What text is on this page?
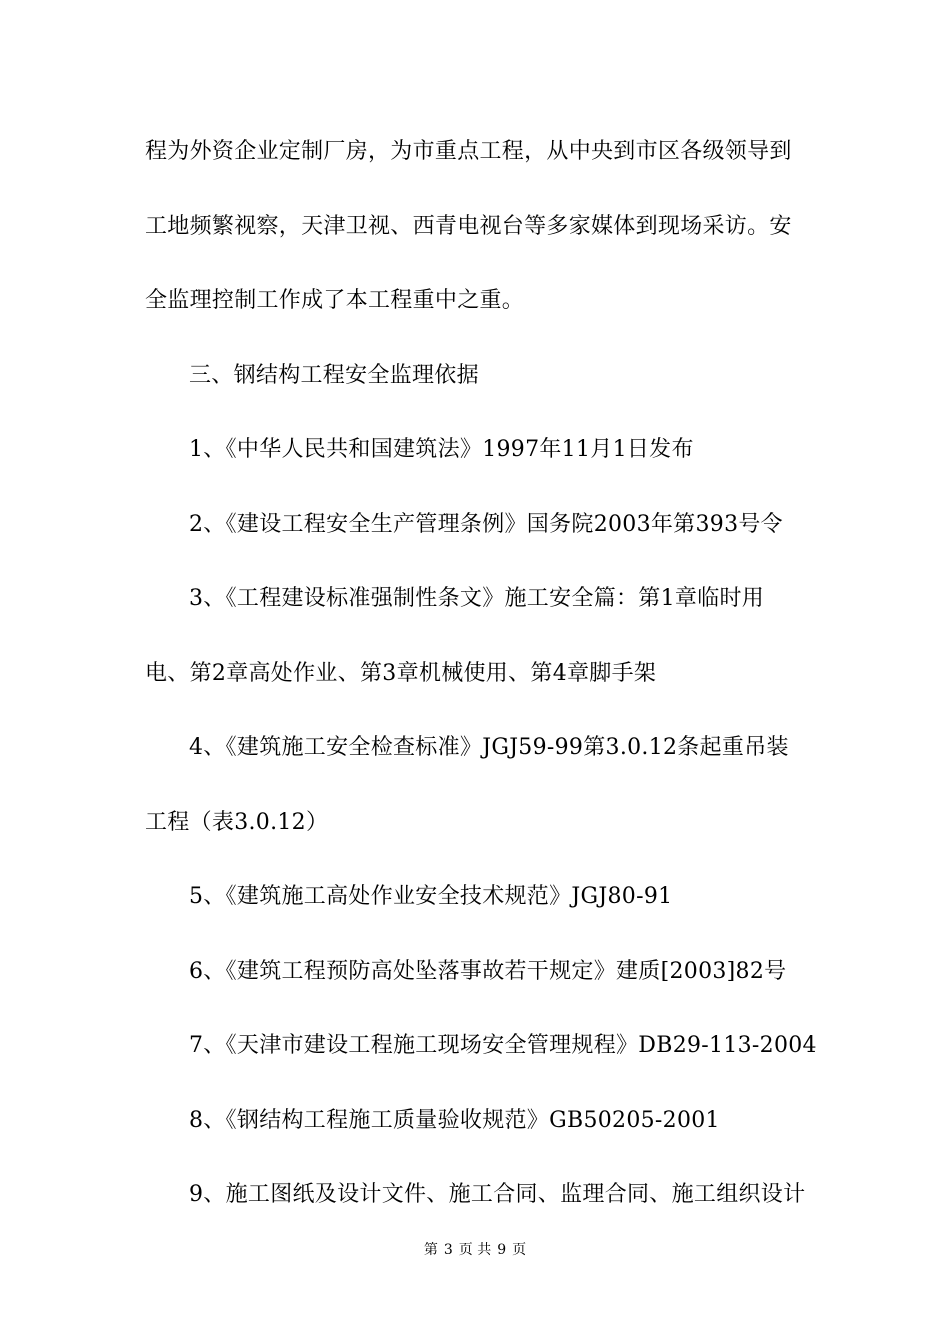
程为外资企业定制厂房，为市重点工程，从中央到市区各级领导到
工地频繁视察，天津卫视、西青电视台等多家媒体到现场采访。安
全监理控制工作成了本工程重中之重。
三、钢结构工程安全监理依据
1、《中华人民共和国建筑法》1997年11月1日发布
2、《建设工程安全生产管理条例》国务院2003年第393号令
3、《工程建设标准强制性条文》施工安全篇：第1章临时用
电、第2章高处作业、第3章机械使用、第4章脚手架
4、《建筑施工安全检查标准》JGJ59-99第3.0.12条起重吊装
工程（表3.0.12）
5、《建筑施工高处作业安全技术规范》JGJ80-91
6、《建筑工程预防高处坠落事故若干规定》建质[2003]82号
7、《天津市建设工程施工现场安全管理规程》DB29-113-2004
8、《钢结构工程施工质量验收规范》GB50205-2001
9、施工图纸及设计文件、施工合同、监理合同、施工组织设计
第 3 页 共 9 页
